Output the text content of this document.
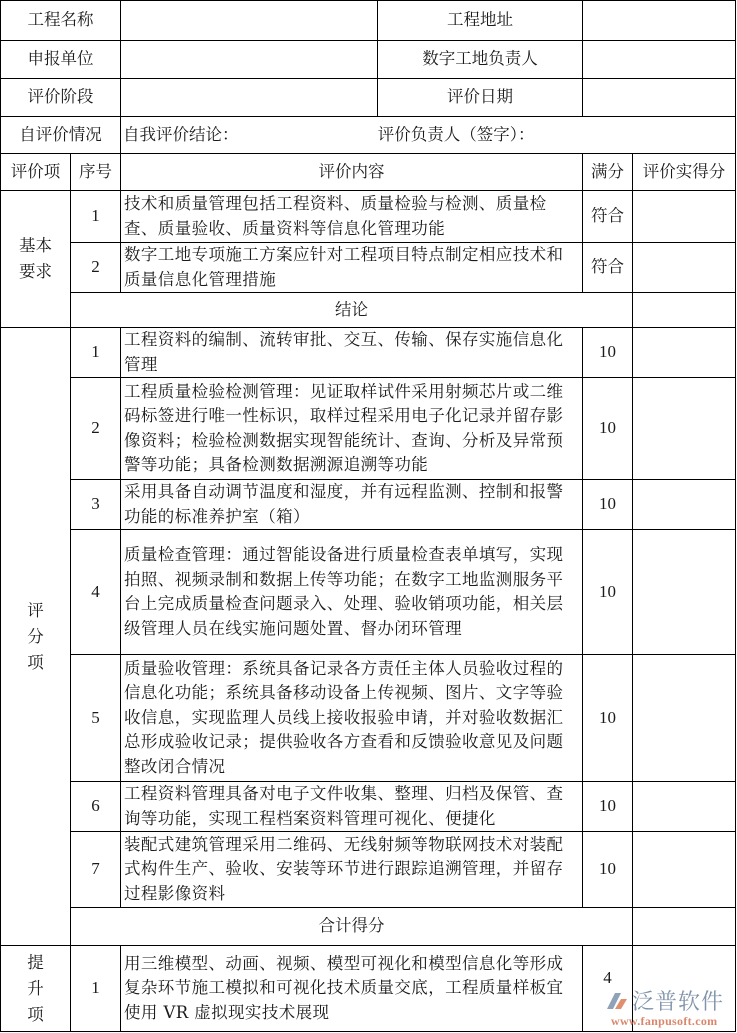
工程名称			工程地址		
申报单位			数字工地负责人		
评价阶段			评价日期		
自评价情况		自我评价结论： 评价负责人（签字）：			
评价项	序号	评价内容		满分	评价实得分

基本
要求	1	技术和质量管理包括工程资料、质量检验与检测、质量检查、质量验收、质量资料等信息化管理功能		符合	
	2	数字工地专项施工方案应针对工程项目特点制定相应技术和质量信息化管理措施		符合	
	结论				

评
分
项	1	工程资料的编制、流转审批、交互、传输、保存实施信息化管理		10	
	2	工程质量检验检测管理：见证取样试件采用射频芯片或二维码标签进行唯一性标识，取样过程采用电子化记录并留存影像资料；检验检测数据实现智能统计、查询、分析及异常预警等功能；具备检测数据溯源追溯等功能		10	
	3	采用具备自动调节温度和湿度，并有远程监测、控制和报警功能的标准养护室（箱）		10	
	4	质量检查管理：通过智能设备进行质量检查表单填写，实现拍照、视频录制和数据上传等功能；在数字工地监测服务平台上完成质量检查问题录入、处理、验收销项功能，相关层级管理人员在线实施问题处置、督办闭环管理		10	
	5	质量验收管理：系统具备记录各方责任主体人员验收过程的信息化功能；系统具备移动设备上传视频、图片、文字等验收信息，实现监理人员线上接收报验申请，并对验收数据汇总形成验收记录；提供验收各方查看和反馈验收意见及问题整改闭合情况		10	
	6	工程资料管理具备对电子文件收集、整理、归档及保管、查询等功能，实现工程档案资料管理可视化、便捷化		10	
	7	装配式建筑管理采用二维码、无线射频等物联网技术对装配式构件生产、验收、安装等环节进行跟踪追溯管理，并留存过程影像资料		10	
	合计得分				

提
升
项	1	用三维模型、动画、视频、模型可视化和模型信息化等形成复杂环节施工模拟和可视化技术质量交底，工程质量样板宜使用 VR 虚拟现实技术展现		4	
泛普软件
www.fanpusoft.com
